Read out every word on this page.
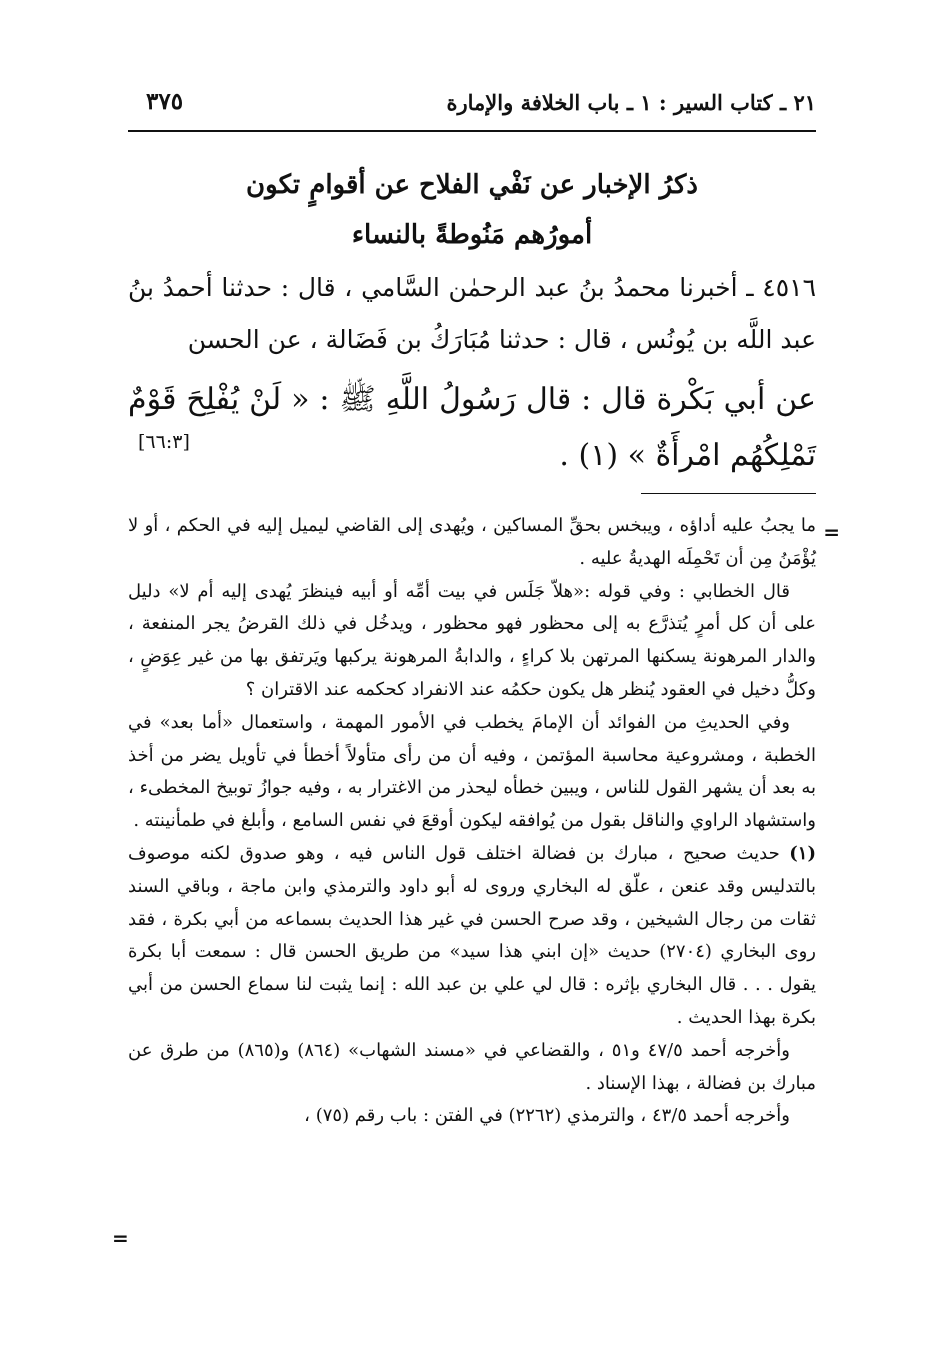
٢١ ـ كتاب السير : ١ ـ باب الخلافة والإمارة
٣٧٥
ذكرُ الإخبار عن نَفْي الفلاح عن أقوامٍ تكون
أمورُهم مَنُوطةً بالنساء
٤٥١٦ ـ أخبرنا محمدُ بنُ عبد الرحمٰن السَّامي ، قال : حدثنا أحمدُ بنُ عبد اللَّه بن يُونُس ، قال : حدثنا مُبَارَكُ بن فَضَالة ، عن الحسن
عن أبي بَكْرة قال : قال رَسُولُ اللَّهِ ﷺ : « لَنْ يُفْلِحَ قَوْمٌ تَمْلِكُهُم امْرأَةٌ » (١) .
[٦٦:٣]
=

ما يجبُ عليه أداؤه ، ويبخس بحقِّ المساكين ، ويُهدى إلى القاضي ليميل إليه في الحكم ، أو لا يُؤْمَنُ مِن أن تَحْمِلَه الهديةُ عليه .

قال الخطابي : وفي قوله :«هلاّ جَلَس في بيت أمِّه أو أبيه فينظرَ يُهدى إليه أم لا» دليل على أن كل أمرٍ يُتذرَّع به إلى محظور فهو محظور ، ويدخُل في ذلك القرضُ يجر المنفعة ، والدار المرهونة يسكنها المرتهن بلا كراءٍ ، والدابةُ المرهونة يركبها ويَرتفق بها من غير عِوَضٍ ، وكلُّ دخيل في العقود يُنظر هل يكون حكمُه عند الانفراد كحكمه عند الاقتران ؟

وفي الحديثِ من الفوائد أن الإمامَ يخطب في الأمور المهمة ، واستعمال «أما بعد» في الخطبة ، ومشروعية محاسبة المؤتمن ، وفيه أن من رأى متأولاً أخطأ في تأويل يضر من أخذ به بعد أن يشهر القول للناس ، ويبين خطأه ليحذر من الاغترار به ، وفيه جوازُ توبيخ المخطىء ، واستشهاد الراوي والناقل بقول من يُوافقه ليكون أوقعَ في نفس السامع ، وأبلغ في طمأنينته .

(١) حديث صحيح ، مبارك بن فضالة اختلف قول الناس فيه ، وهو صدوق لكنه موصوف بالتدليس وقد عنعن ، علّق له البخاري وروى له أبو داود والترمذي وابن ماجة ، وباقي السند ثقات من رجال الشيخين ، وقد صرح الحسن في غير هذا الحديث بسماعه من أبي بكرة ، فقد روى البخاري (٢٧٠٤) حديث «إن ابني هذا سيد» من طريق الحسن قال : سمعت أبا بكرة يقول . . . قال البخاري بإثره : قال لي علي بن عبد الله : إنما يثبت لنا سماع الحسن من أبي بكرة بهذا الحديث .

وأخرجه أحمد ٤٧/٥ و٥١ ، والقضاعي في «مسند الشهاب» (٨٦٤) و(٨٦٥) من طرق عن مبارك بن فضالة ، بهذا الإسناد .

وأخرجه أحمد ٤٣/٥ ، والترمذي (٢٢٦٢) في الفتن : باب رقم (٧٥) ،

=
